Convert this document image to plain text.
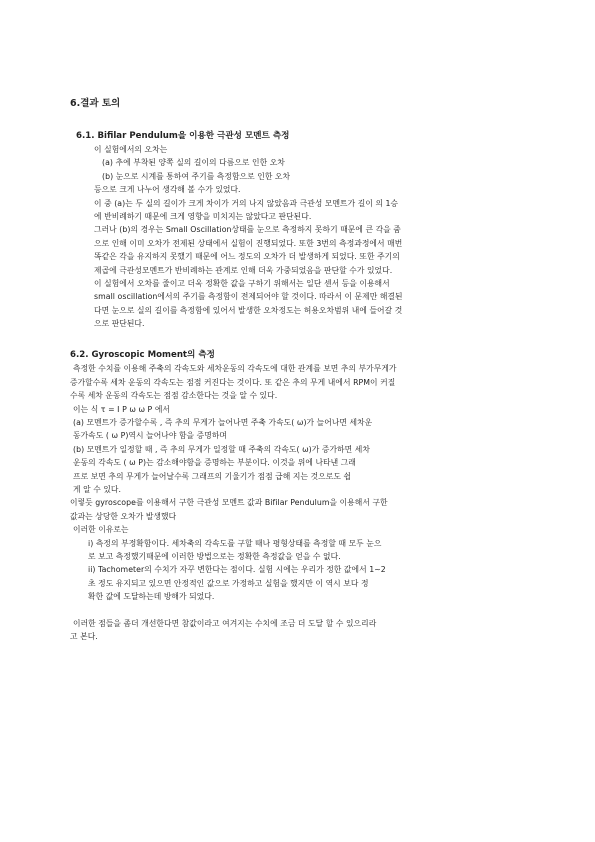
6.결과 토의
6.1. Bifilar Pendulum을 이용한 극관성 모멘트 측정
이 실험에서의 오차는
(a) 추에 부착된 양쪽 실의 길이의 다름으로 인한 오차
(b) 눈으로 시계를 통하여 주기를 측정함으로 인한 오차
등으로 크게 나누어 생각해 볼 수가 있었다.
이 중 (a)는 두 실의 길이가 크게 차이가 거의 나지 않았음과 극관성 모멘트가 길이 의 1승
에 반비례하기 때문에 크게 영향을 미치지는 않았다고 판단된다.
그러나 (b)의 경우는 Small Oscillation상태를 눈으로 측정하지 못하기 때문에 큰 각을 줌
으로 인해 이미 오차가 전제된 상태에서 실험이 진행되었다. 또한 3번의 측정과정에서 매번
똑같은 각을 유지하지 못했기 때문에 어느 정도의 오차가 더 발생하게 되었다. 또한 주기의
제곱에 극관성모멘트가 반비례하는 관계로 인해 더욱 가중되었음을 판단할 수가 있었다.
이 실험에서 오차를 줄이고 더욱 정확한 값을 구하기 위해서는 일단 센서 등을 이용해서
small oscillation에서의 주기를 측정함이 전제되어야 할 것이다. 따라서 이 문제만 해결된
다면 눈으로 실의 길이를 측정함에 있어서 발생한 오차정도는 허용오차범위 내에 들어갈 것
으로 판단된다.
6.2. Gyroscopic Moment의 측정
측정한 수치를 이용해 주축의 각속도와 세차운동의 각속도에 대한 관계를 보면 추의 부가무게가
증가할수록 세차 운동의 각속도는 점점 커진다는 것이다. 또 같은 추의 무게 내에서 RPM이 커질
수록 세차 운동의 각속도는 점점 감소한다는 것을 알 수 있다.
이는 식 τ = I P ω ω P 에서
(a) 모멘트가 증가할수록 , 즉 추의 무게가 늘어나면 주축 가속도( ω)가 늘어나면 세차운
동가속도 ( ω P)역시 늘어나야 함을 증명하며
(b) 모멘트가 일정할 때 , 즉 추의 무게가 일정할 때 주축의 각속도( ω)가 증가하면 세차
운동의 각속도 ( ω P)는 감소해야함을 증명하는 부분이다. 이것을 위에 나타낸 그래
프로 보면 추의 무게가 늘어날수록 그래프의 기울기가 점점 급해 지는 것으로도 쉽
게 알 수 있다.
이렇듯 gyroscope를 이용해서 구한 극관성 모멘트 값과 Bifilar Pendulum을 이용해서 구한
값과는 상당한 오차가 발생했다
이러한 이유로는
i) 측정의 부정확함이다. 세차축의 각속도를 구할 때나 평형상태를 측정할 때 모두 눈으
로 보고 측정했기때문에 이러한 방법으로는 정확한 측정값을 얻을 수 없다.
ii) Tachometer의 수치가 자꾸 변한다는 점이다. 실험 시에는 우리가 정한 값에서 1~2
초 정도 유지되고 있으면 안정적인 값으로 가정하고 실험을 했지만 이 역시 보다 정
확한 값에 도달하는데 방해가 되었다.
이러한 점들을 좀더 개선한다면 참값이라고 여겨지는 수치에 조금 더 도달 할 수 있으리라
고 본다.
